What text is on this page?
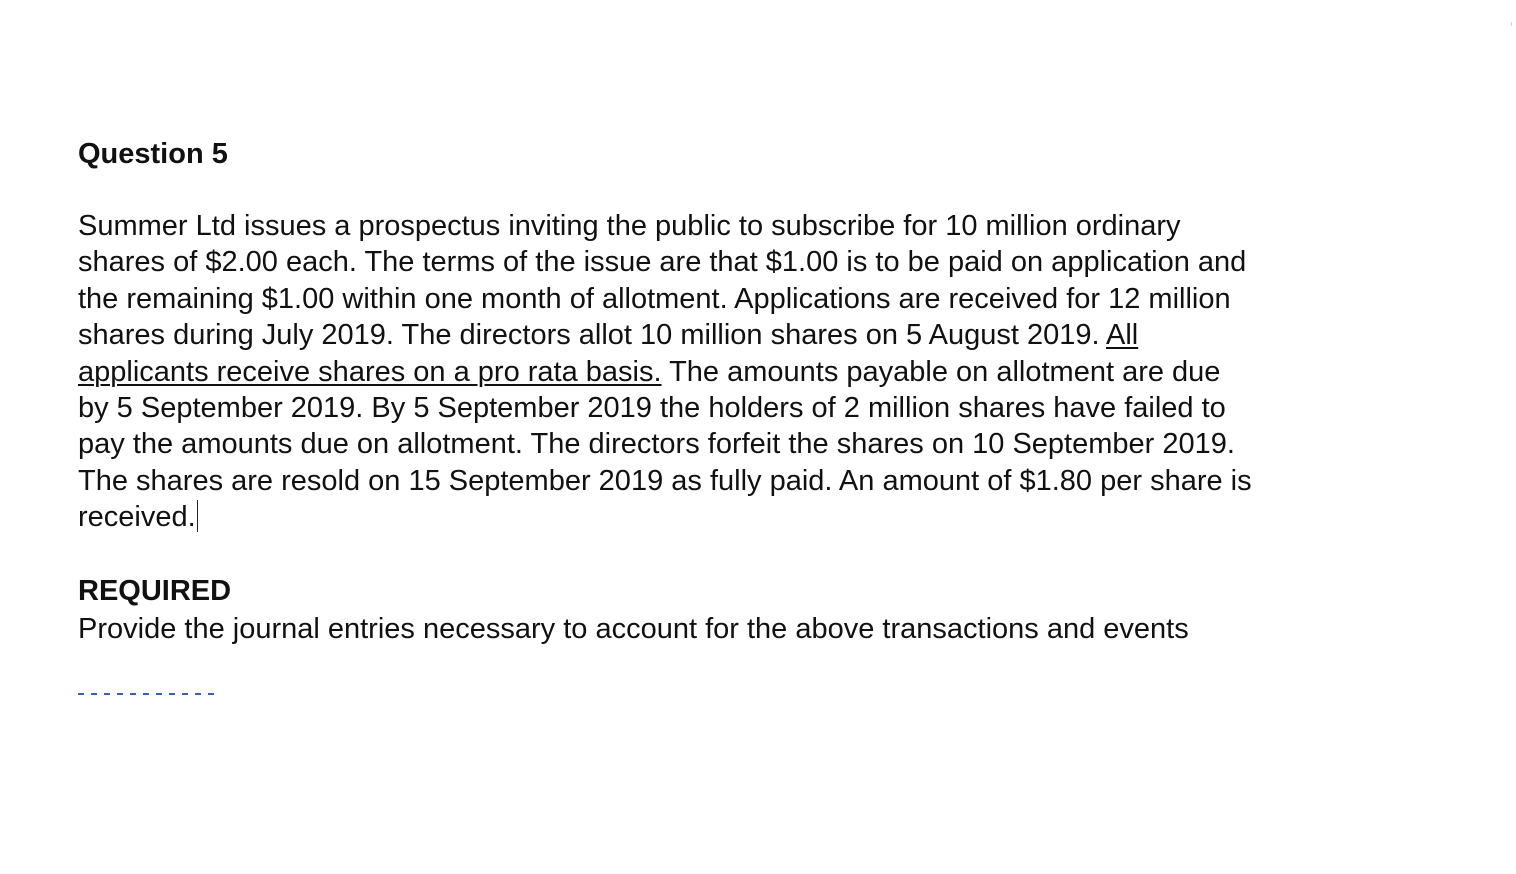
Question 5

Summer Ltd issues a prospectus inviting the public to subscribe for 10 million ordinary
shares of $2.00 each. The terms of the issue are that $1.00 is to be paid on application and
the remaining $1.00 within one month of allotment. Applications are received for 12 million
shares during July 2019. The directors allot 10 million shares on 5 August 2019. All
applicants receive shares on a pro rata basis. The amounts payable on allotment are due
by 5 September 2019. By 5 September 2019 the holders of 2 million shares have failed to
pay the amounts due on allotment. The directors forfeit the shares on 10 September 2019.
The shares are resold on 15 September 2019 as fully paid. An amount of $1.80 per share is
received.

REQUIRED

Provide the journal entries necessary to account for the above transactions and events
